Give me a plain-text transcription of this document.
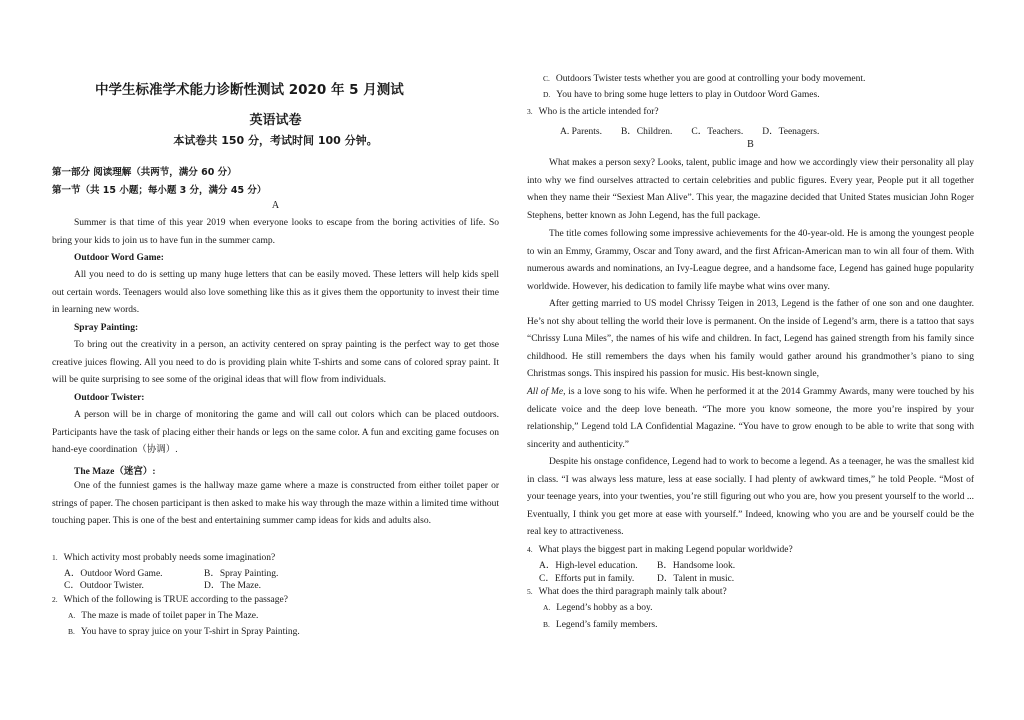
中学生标准学术能力诊断性测试 2020 年 5 月测试
英语试卷
本试卷共 150 分，考试时间 100 分钟。
第一部分 阅读理解（共两节，满分 60 分）
第一节（共 15 小题；每小题 3 分，满分 45 分）
A

Summer is that time of this year 2019 when everyone looks to escape from the boring activities of life. So bring your kids to join us to have fun in the summer camp.

Outdoor Word Game:

All you need to do is setting up many huge letters that can be easily moved. These letters will help kids spell out certain words. Teenagers would also love something like this as it gives them the opportunity to invest their time in learning new words.

Spray Painting:

To bring out the creativity in a person, an activity centered on spray painting is the perfect way to get those creative juices flowing. All you need to do is providing plain white T-shirts and some cans of colored spray paint. It will be quite surprising to see some of the original ideas that will flow from individuals.

Outdoor Twister:

A person will be in charge of monitoring the game and will call out colors which can be placed outdoors. Participants have the task of placing either their hands or legs on the same color. A fun and exciting game focuses on hand-eye coordination（协调）.

The Maze（迷宫）:

One of the funniest games is the hallway maze game where a maze is constructed from either toilet paper or strings of paper. The chosen participant is then asked to make his way through the maze within a limited time without touching paper. This is one of the best and entertaining summer camp ideas for kids and adults also.

1. Which activity most probably needs some imagination?
A．Outdoor Word Game.	B．Spray Painting.
C．Outdoor Twister.	D．The Maze.
2. Which of the following is TRUE according to the passage?
A. The maze is made of toilet paper in The Maze.
B. You have to spray juice on your T-shirt in Spray Painting.
C. Outdoors Twister tests whether you are good at controlling your body movement.
D. You have to bring some huge letters to play in Outdoor Word Games.
3. Who is the article intended for?
A. Parents.　　B．Children.　　C．Teachers.　　D．Teenagers.
B

What makes a person sexy? Looks, talent, public image and how we accordingly view their personality all play into why we find ourselves attracted to certain celebrities and public figures. Every year, People put it all together when they name their “Sexiest Man Alive”. This year, the magazine decided that United States musician John Roger Stephens, better known as John Legend, has the full package.

The title comes following some impressive achievements for the 40-year-old. He is among the youngest people to win an Emmy, Grammy, Oscar and Tony award, and the first African-American man to win all four of them. With numerous awards and nominations, an Ivy-League degree, and a handsome face, Legend has gained huge popularity worldwide. However, his dedication to family life maybe what wins over many.

After getting married to US model Chrissy Teigen in 2013, Legend is the father of one son and one daughter. He’s not shy about telling the world their love is permanent. On the inside of Legend’s arm, there is a tattoo that says “Chrissy Luna Miles”, the names of his wife and children. In fact, Legend has gained strength from his family since childhood. He still remembers the days when his family would gather around his grandmother’s piano to sing Christmas songs. This inspired his passion for music. His best-known single,

All of Me, is a love song to his wife. When he performed it at the 2014 Grammy Awards, many were touched by his delicate voice and the deep love beneath. “The more you know someone, the more you’re inspired by your relationship,” Legend told LA Confidential Magazine. “You have to grow enough to be able to write that song with sincerity and authenticity.”

Despite his onstage confidence, Legend had to work to become a legend. As a teenager, he was the smallest kid in class. “I was always less mature, less at ease socially. I had plenty of awkward times,” he told People. “Most of your teenage years, into your twenties, you’re still figuring out who you are, how you present yourself to the world ... Eventually, I think you get more at ease with yourself.” Indeed, knowing who you are and be yourself could be the real key to attractiveness.

4. What plays the biggest part in making Legend popular worldwide?
A．High-level education. B．Handsome look.
C．Efforts put in family. D．Talent in music.
5. What does the third paragraph mainly talk about?
A. Legend’s hobby as a boy.
B. Legend’s family members.
